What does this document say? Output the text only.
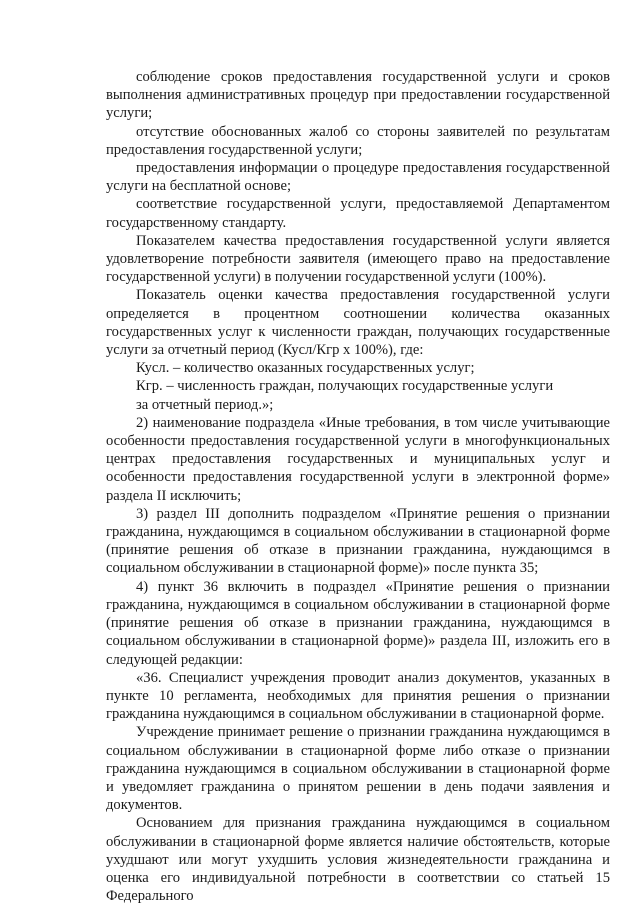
соблюдение сроков предоставления государственной услуги и сроков выполнения административных процедур при предоставлении государственной услуги;

отсутствие обоснованных жалоб со стороны заявителей по результатам предоставления государственной услуги;

предоставления информации о процедуре предоставления государственной услуги на бесплатной основе;

соответствие государственной услуги, предоставляемой Департаментом государственному стандарту.

Показателем качества предоставления государственной услуги является удовлетворение потребности заявителя (имеющего право на предоставление государственной услуги) в получении государственной услуги (100%).

Показатель оценки качества предоставления государственной услуги определяется в процентном соотношении количества оказанных государственных услуг к численности граждан, получающих государственные услуги за отчетный период (Кусл/Кгр х 100%), где:

Кусл. – количество оказанных государственных услуг;

Кгр. – численность граждан, получающих государственные услуги

за отчетный период.»;

2) наименование подраздела «Иные требования, в том числе учитывающие особенности предоставления государственной услуги в многофункциональных центрах предоставления государственных и муниципальных услуг и особенности предоставления государственной услуги в электронной форме» раздела II исключить;

3) раздел III дополнить подразделом «Принятие решения о признании гражданина, нуждающимся в социальном обслуживании в стационарной форме (принятие решения об отказе в признании гражданина, нуждающимся в социальном обслуживании в стационарной форме)» после пункта 35;

4) пункт 36 включить в подраздел «Принятие решения о признании гражданина, нуждающимся в социальном обслуживании в стационарной форме (принятие решения об отказе в признании гражданина, нуждающимся в социальном обслуживании в стационарной форме)» раздела III, изложить его в следующей редакции:

«36. Специалист учреждения проводит анализ документов, указанных в пункте 10 регламента, необходимых для принятия решения о признании гражданина нуждающимся в социальном обслуживании в стационарной форме.

Учреждение принимает решение о признании гражданина нуждающимся в социальном обслуживании в стационарной форме либо отказе о признании гражданина нуждающимся в социальном обслуживании в стационарной форме и уведомляет гражданина о принятом решении в день подачи заявления и документов.

Основанием для признания гражданина нуждающимся в социальном обслуживании в стационарной форме является наличие обстоятельств, которые ухудшают или могут ухудшить условия жизнедеятельности гражданина и оценка его индивидуальной потребности в соответствии со статьей 15 Федерального
